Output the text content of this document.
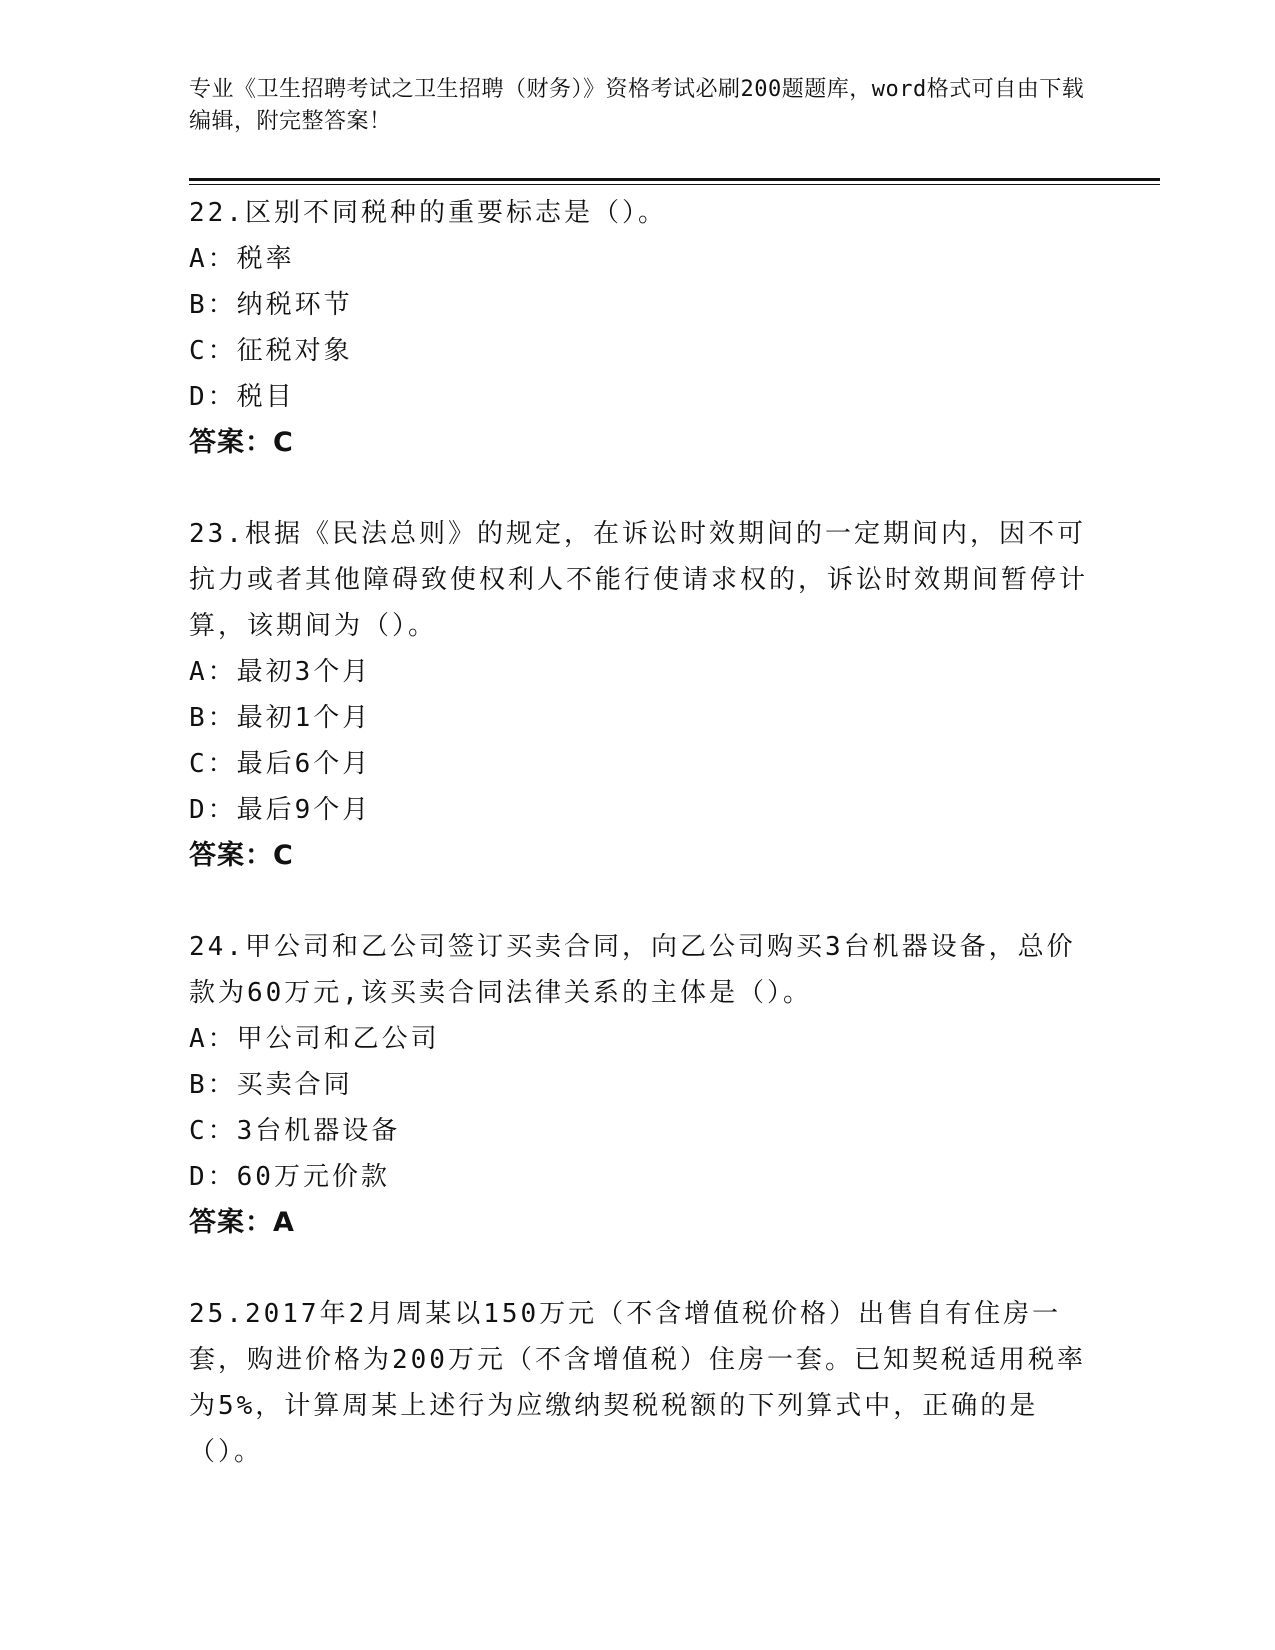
专业《卫生招聘考试之卫生招聘（财务）》资格考试必刷200题题库，word格式可自由下载编辑，附完整答案！

22.区别不同税种的重要标志是（）。

A：税率

B：纳税环节

C：征税对象

D：税目

答案：C

23.根据《民法总则》的规定，在诉讼时效期间的一定期间内，因不可抗力或者其他障碍致使权利人不能行使请求权的，诉讼时效期间暂停计算，该期间为（）。

A：最初3个月

B：最初1个月

C：最后6个月

D：最后9个月

答案：C

24.甲公司和乙公司签订买卖合同，向乙公司购买3台机器设备，总价款为60万元,该买卖合同法律关系的主体是（）。

A：甲公司和乙公司

B：买卖合同

C：3台机器设备

D：60万元价款

答案：A

25.2017年2月周某以150万元（不含增值税价格）出售自有住房一套，购进价格为200万元（不含增值税）住房一套。已知契税适用税率为5%，计算周某上述行为应缴纳契税税额的下列算式中，正确的是（）。
